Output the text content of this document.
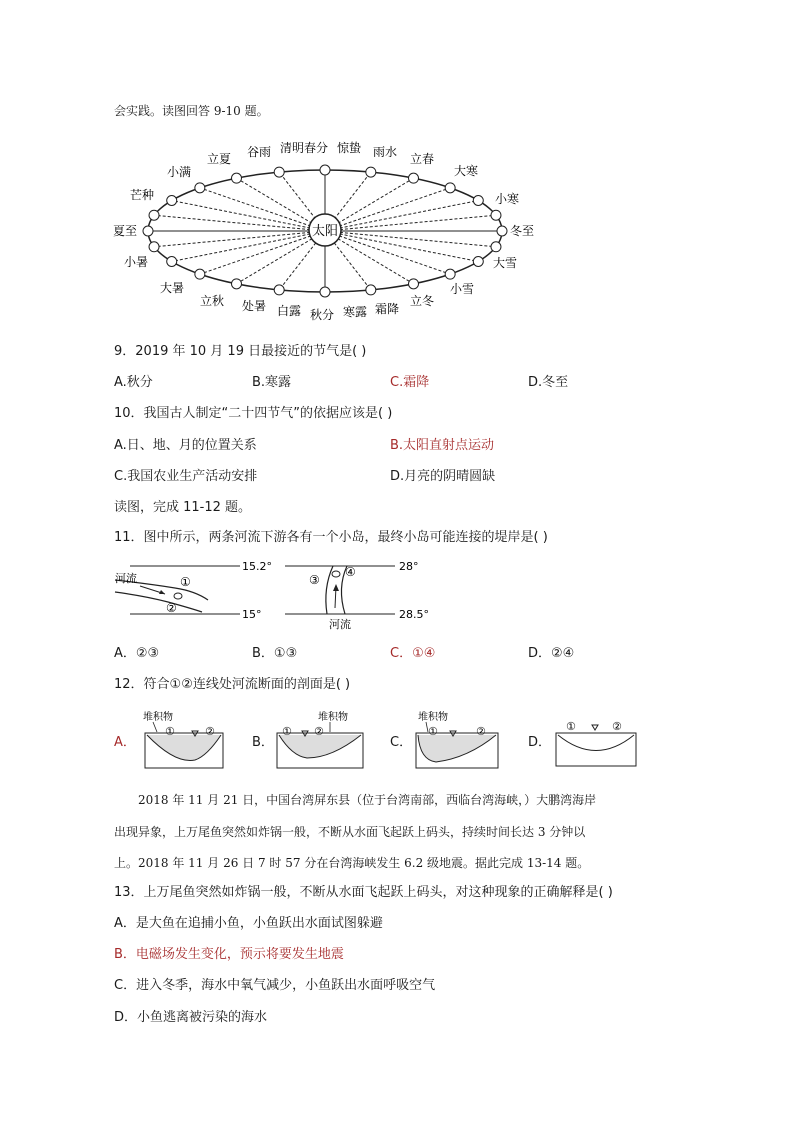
会实践。读图回答 9-10 题。
太阳
小满
立夏 谷雨 清明春分 惊蛰 雨水 立春
大寒
小寒
冬至
大雪
小雪
立冬
霜降
寒露
秋分
白露
处暑
立秋
大暑
小暑
夏至
芒种
9．2019 年 10 月 19 日最接近的节气是( )
A.秋分	B.寒露	C.霜降	D.冬至
10．我国古人制定“二十四节气”的依据应该是( )
A.日、地、月的位置关系	B.太阳直射点运动
C.我国农业生产活动安排	D.月亮的阴晴圆缺
读图，完成 11-12 题。
11．图中所示，两条河流下游各有一个小岛，最终小岛可能连接的堤岸是( )
河流	①
②
15.2°
15°
③
④	28°
28.5°
河流
A．②③	B．①③	C．①④	D．②④
12．符合①②连线处河流断面的剖面是( )
A．
堆积物
①	②
B．
堆积物
① ②
C．
堆积物
①	②
D．
①	②
2018 年 11 月 21 日，中国台湾屏东县（位于台湾南部，西临台湾海峡，）大鹏湾海岸
出现异象，上万尾鱼突然如炸锅一般，不断从水面飞起跃上码头，持续时间长达 3 分钟以
上。2018 年 11 月 26 日 7 时 57 分在台湾海峡发生 6.2 级地震。据此完成 13-14 题。
13．上万尾鱼突然如炸锅一般，不断从水面飞起跃上码头，对这种现象的正确解释是( )
A．是大鱼在追捕小鱼，小鱼跃出水面试图躲避
B．电磁场发生变化，预示将要发生地震
C．进入冬季，海水中氧气减少，小鱼跃出水面呼吸空气
D．小鱼逃离被污染的海水
